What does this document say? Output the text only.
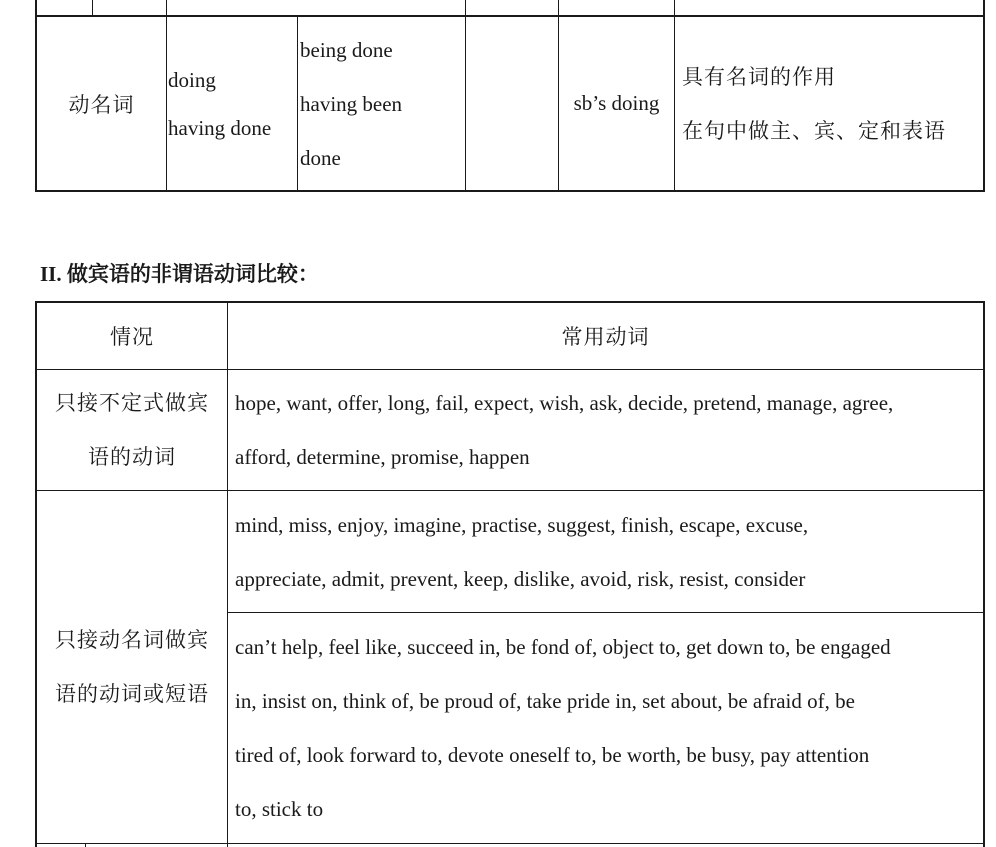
动名词
doing
having done
being done
having been
done
sb’s doing
具有名词的作用
在句中做主、宾、定和表语
II. 做宾语的非谓语动词比较：
情况	常用动词
只接不定式做宾
语的动词
hope, want, offer, long, fail, expect, wish, ask, decide, pretend, manage, agree,
afford, determine, promise, happen
只接动名词做宾
语的动词或短语
mind, miss, enjoy, imagine, practise, suggest, finish, escape, excuse,
appreciate, admit, prevent, keep, dislike, avoid, risk, resist, consider
can’t help, feel like, succeed in, be fond of, object to, get down to, be engaged
in, insist on, think of, be proud of, take pride in, set about, be afraid of, be
tired of, look forward to, devote oneself to, be worth, be busy, pay attention
to, stick to
